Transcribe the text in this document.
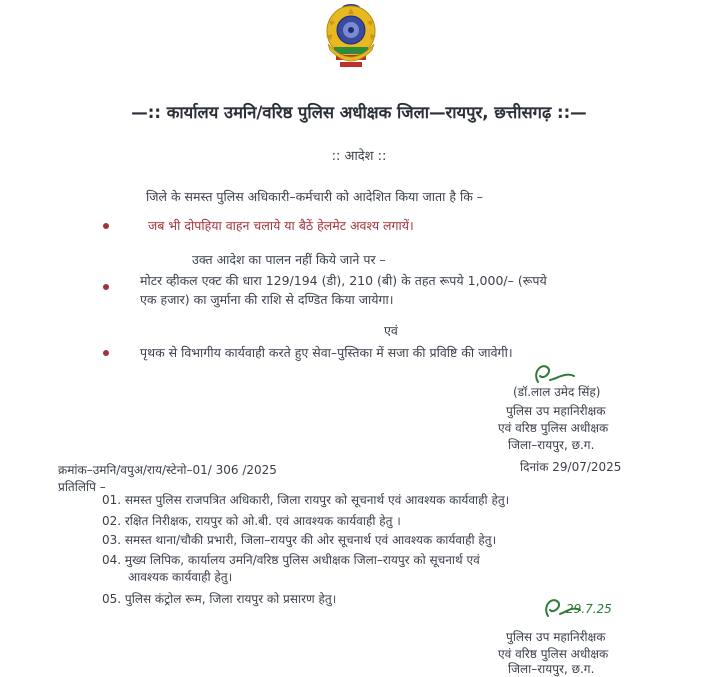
—:: कार्यालय उमनि/वरिष्ठ पुलिस अधीक्षक जिला—रायपुर, छत्तीसगढ़ ::—
:: आदेश ::
जिले के समस्त पुलिस अधिकारी–कर्मचारी को आदेशित किया जाता है कि –
जब भी दोपहिया वाहन चलाये या बैठें हेलमेट अवश्य लगायें।
उक्त आदेश का पालन नहीं किये जाने पर –
मोटर व्हीकल एक्ट की धारा 129/194 (डी), 210 (बी) के तहत रूपये 1,000/– (रूपये
एक हजार) का जुर्माना की राशि से दण्डित किया जायेगा।
एवं
पृथक से विभागीय कार्यवाही करते हुए सेवा–पुस्तिका में सजा की प्रविष्टि की जावेगी।
(डॉ.लाल उमेद सिंह)
पुलिस उप महानिरीक्षक
एवं वरिष्ठ पुलिस अधीक्षक
जिला–रायपुर, छ.ग.
क्रमांक–उमनि/वपुअ/राय/स्टेनो–01/ 306 /2025	दिनांक 29/07/2025
प्रतिलिपि –
01. समस्त पुलिस राजपत्रित अधिकारी, जिला रायपुर को सूचनार्थ एवं आवश्यक कार्यवाही हेतु।
02. रक्षित निरीक्षक, रायपुर को ओ.बी. एवं आवश्यक कार्यवाही हेतु ।
03. समस्त थाना/चौकी प्रभारी, जिला–रायपुर की ओर सूचनार्थ एवं आवश्यक कार्यवाही हेतु।
04. मुख्य लिपिक, कार्यालय उमनि/वरिष्ठ पुलिस अधीक्षक जिला–रायपुर को सूचनार्थ एवं
आवश्यक कार्यवाही हेतु।
05. पुलिस कंट्रोल रूम, जिला रायपुर को प्रसारण हेतु।
29.7.25
पुलिस उप महानिरीक्षक
एवं वरिष्ठ पुलिस अधीक्षक
जिला–रायपुर, छ.ग.
